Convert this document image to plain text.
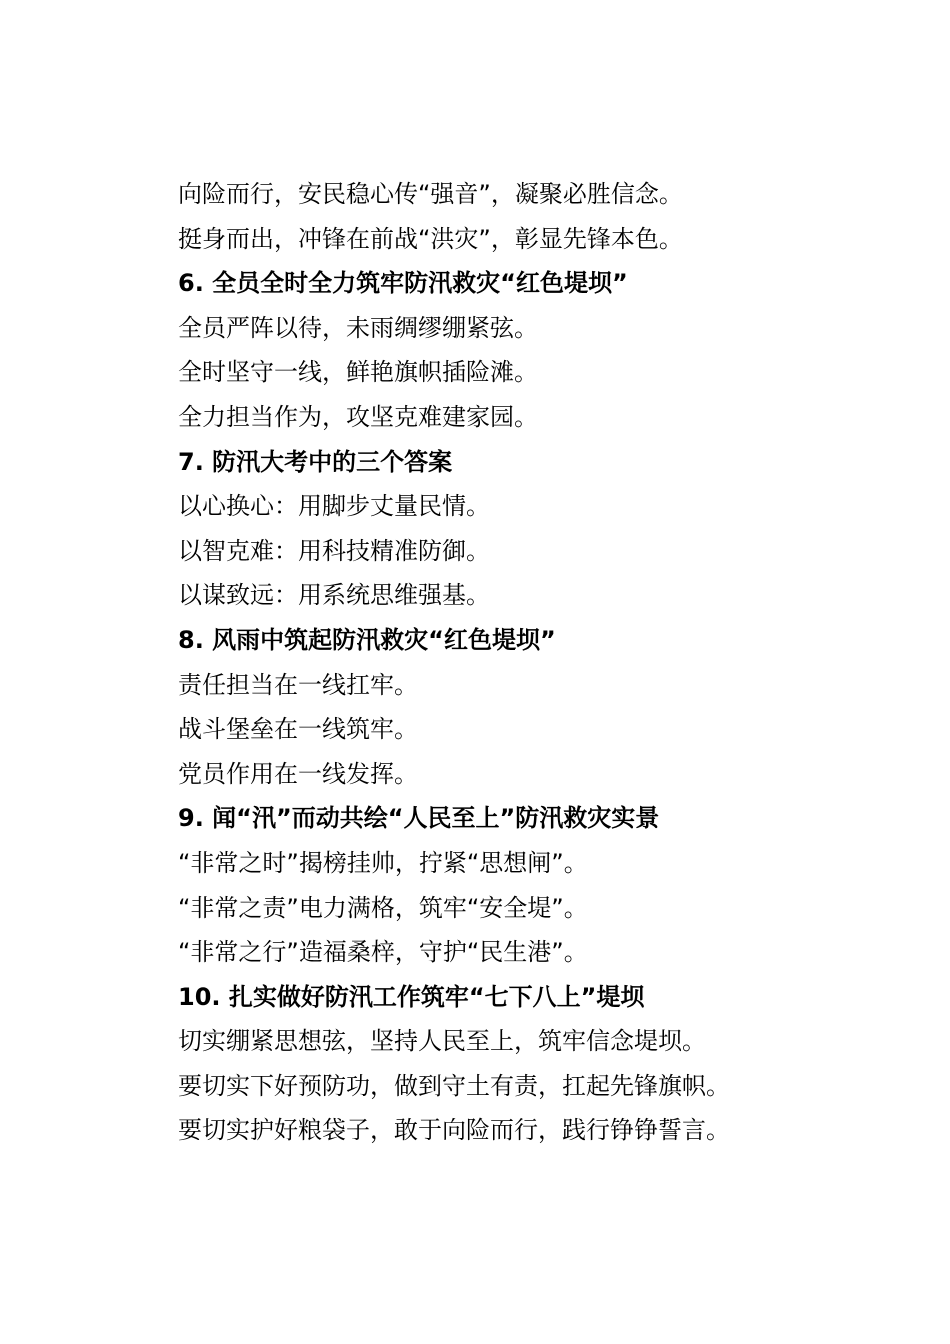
向险而行，安民稳心传“强音”，凝聚必胜信念。
挺身而出，冲锋在前战“洪灾”，彰显先锋本色。
6. 全员全时全力筑牢防汛救灾“红色堤坝”
全员严阵以待，未雨绸缪绷紧弦。
全时坚守一线，鲜艳旗帜插险滩。
全力担当作为，攻坚克难建家园。
7. 防汛大考中的三个答案
以心换心：用脚步丈量民情。
以智克难：用科技精准防御。
以谋致远：用系统思维强基。
8. 风雨中筑起防汛救灾“红色堤坝”
责任担当在一线扛牢。
战斗堡垒在一线筑牢。
党员作用在一线发挥。
9. 闻“汛”而动共绘“人民至上”防汛救灾实景
“非常之时”揭榜挂帅，拧紧“思想闸”。
“非常之责”电力满格，筑牢“安全堤”。
“非常之行”造福桑梓，守护“民生港”。
10. 扎实做好防汛工作筑牢“七下八上”堤坝
切实绷紧思想弦，坚持人民至上，筑牢信念堤坝。
要切实下好预防功，做到守土有责，扛起先锋旗帜。
要切实护好粮袋子，敢于向险而行，践行铮铮誓言。
